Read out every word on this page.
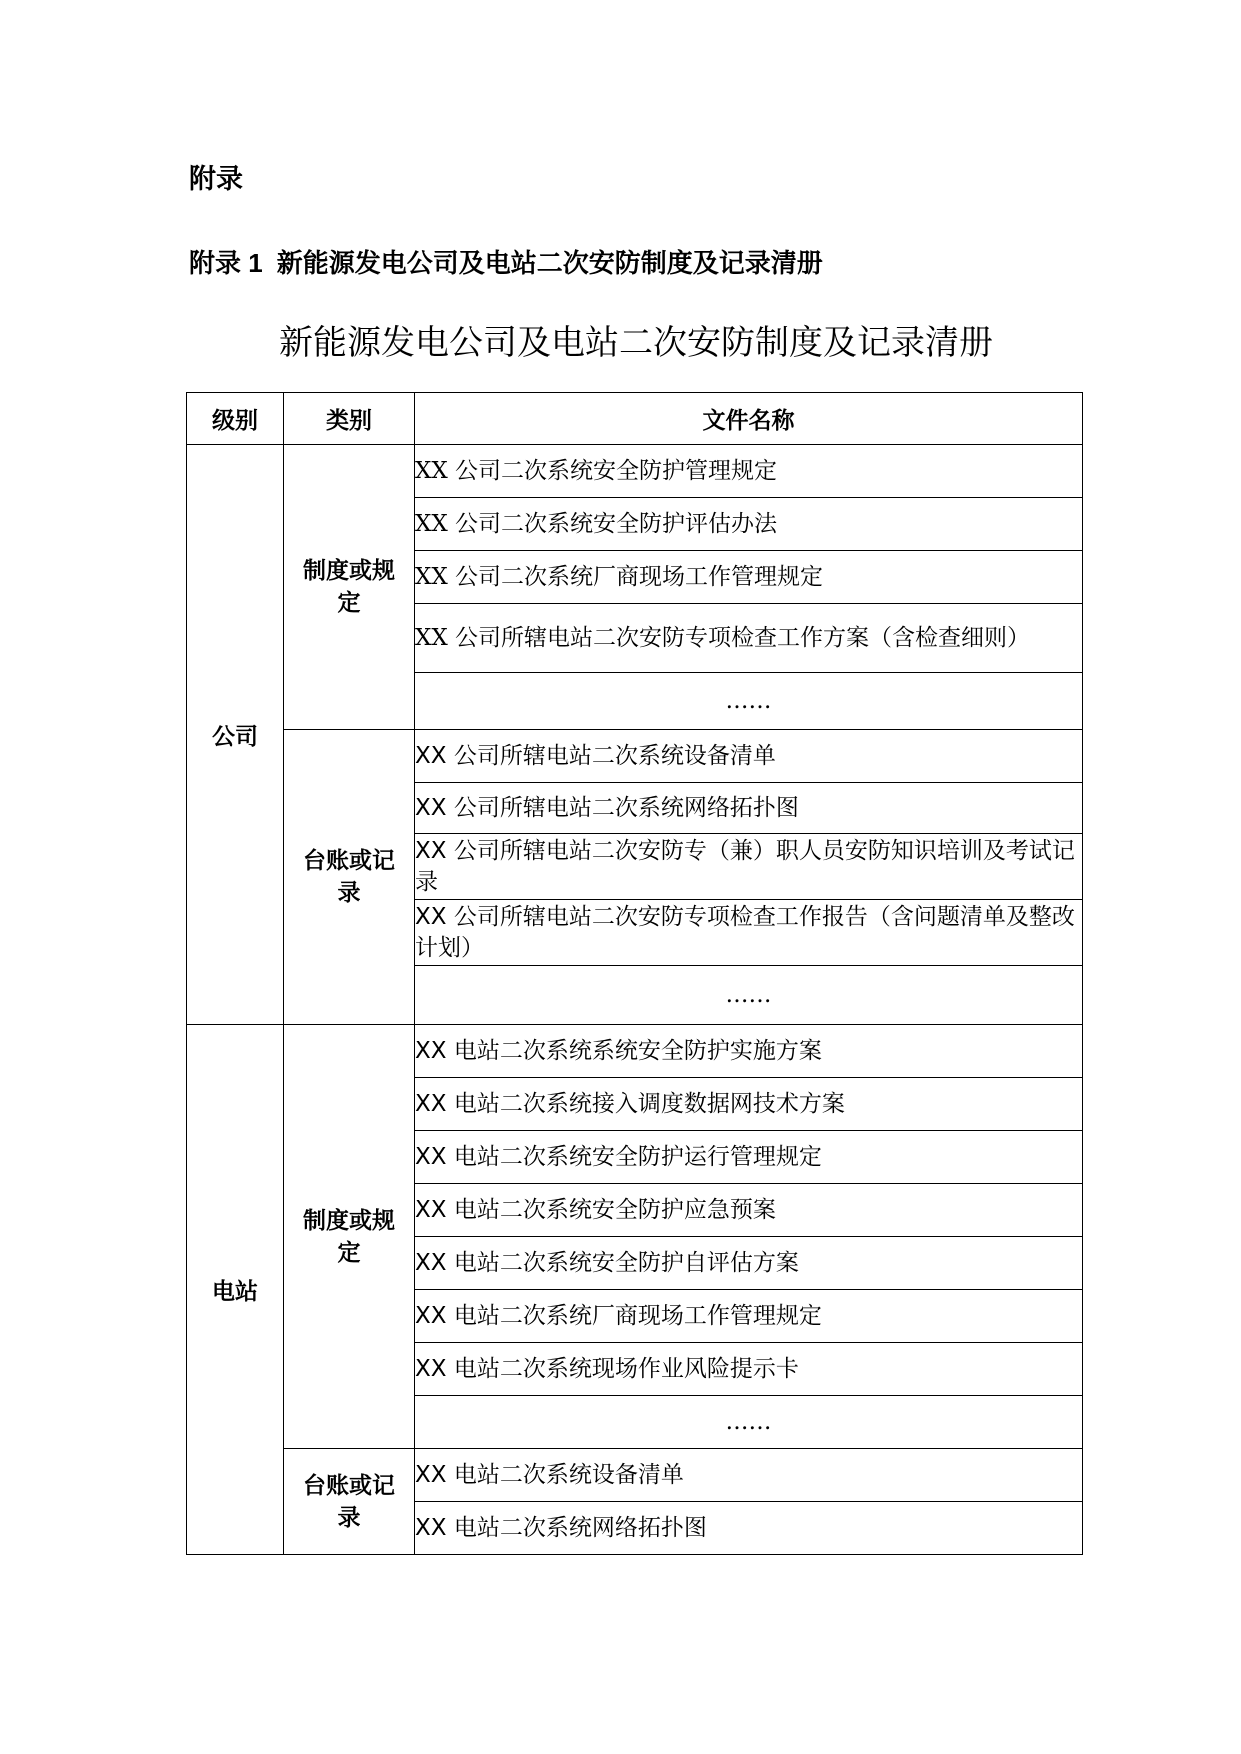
附录
附录 1 新能源发电公司及电站二次安防制度及记录清册
新能源发电公司及电站二次安防制度及记录清册
级别	类别	文件名称
公司	制度或规定	XX 公司二次系统安全防护管理规定
		XX 公司二次系统安全防护评估办法
		XX 公司二次系统厂商现场工作管理规定
		XX 公司所辖电站二次安防专项检查工作方案（含检查细则）
		……
	台账或记录	XX 公司所辖电站二次系统设备清单
		XX 公司所辖电站二次系统网络拓扑图
		XX 公司所辖电站二次安防专（兼）职人员安防知识培训及考试记录
		XX 公司所辖电站二次安防专项检查工作报告（含问题清单及整改计划）
		……
电站	制度或规定	XX 电站二次系统系统安全防护实施方案
		XX 电站二次系统接入调度数据网技术方案
		XX 电站二次系统安全防护运行管理规定
		XX 电站二次系统安全防护应急预案
		XX 电站二次系统安全防护自评估方案
		XX 电站二次系统厂商现场工作管理规定
		XX 电站二次系统现场作业风险提示卡
		……
	台账或记录	XX 电站二次系统设备清单
		XX 电站二次系统网络拓扑图
